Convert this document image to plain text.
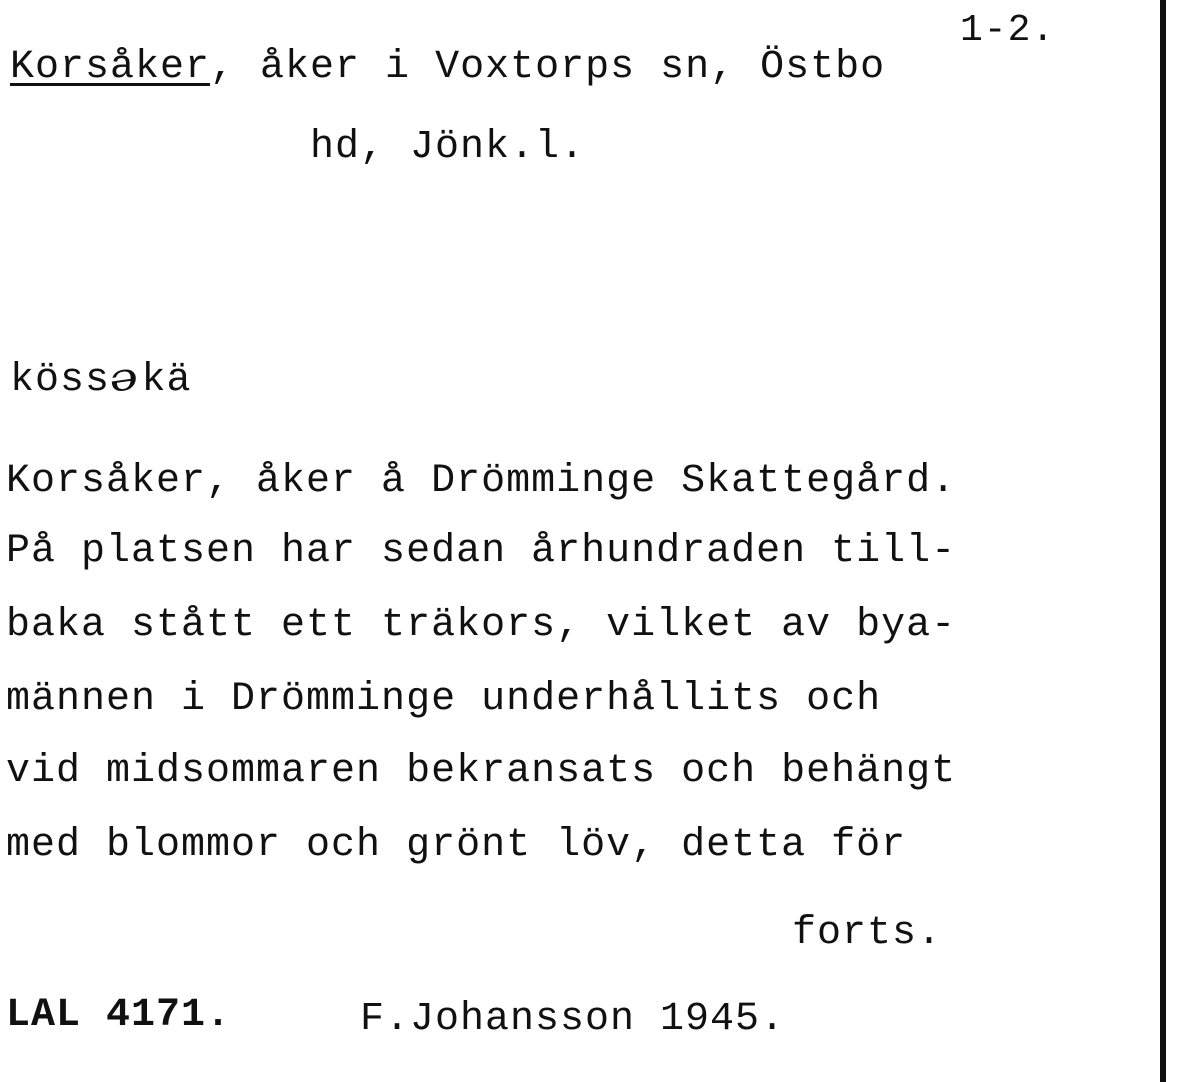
1-2.
Korsåker, åker i Voxtorps sn, Östbo
hd, Jönk.l.
kössəkä
Korsåker, åker å Drömminge Skattegård.
På platsen har sedan århundraden till-
baka stått ett träkors, vilket av bya-
männen i Drömminge underhållits och
vid midsommaren bekransats och behängt
med blommor och grönt löv, detta för
forts.
LAL 4171.	F.Johansson 1945.
